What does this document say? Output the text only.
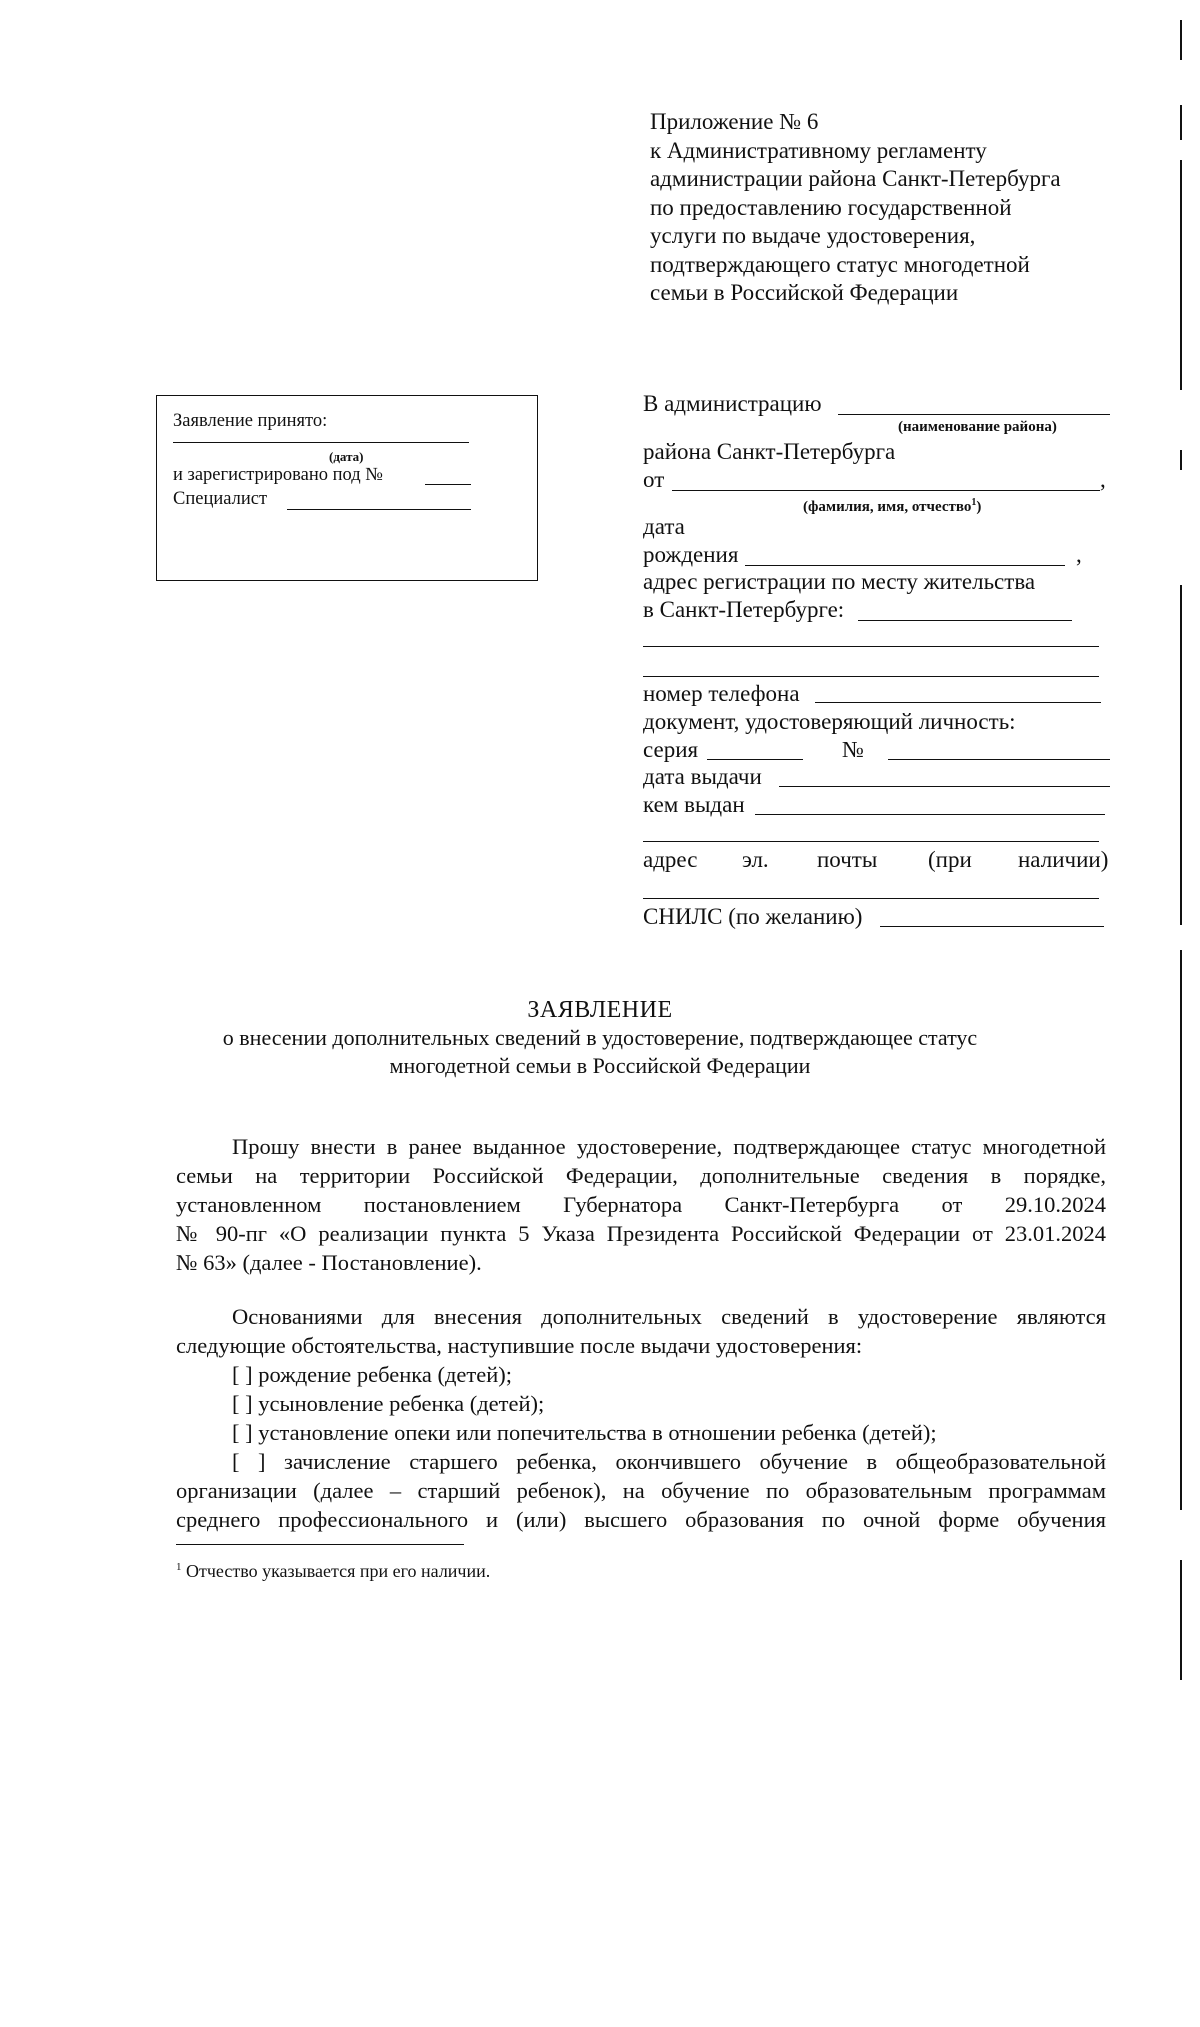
Приложение № 6
к Административному регламенту
администрации района Санкт-Петербурга
по предоставлению государственной
услуги по выдаче удостоверения,
подтверждающего статус многодетной
семьи в Российской Федерации
Заявление принято:
(дата)
и зарегистрировано под №
Специалист
В администрацию
(наименование района)
района Санкт-Петербурга
от	,
(фамилия, имя, отчество$^1$)
дата
рождения	,
адрес регистрации по месту жительства
в Санкт-Петербурге:
номер телефона
документ, удостоверяющий личность:
серия	№
дата выдачи
кем выдан
адрес эл. почты (при наличии)
СНИЛС (по желанию)
ЗАЯВЛЕНИЕ
о внесении дополнительных сведений в удостоверение, подтверждающее статус
многодетной семьи в Российской Федерации
Прошу внести в ранее выданное удостоверение, подтверждающее статус многодетной
семьи на территории Российской Федерации, дополнительные сведения в порядке,
установленном постановлением Губернатора Санкт-Петербурга от 29.10.2024
№ 90-пг «О реализации пункта 5 Указа Президента Российской Федерации от 23.01.2024
№ 63» (далее - Постановление).
Основаниями для внесения дополнительных сведений в удостоверение являются
следующие обстоятельства, наступившие после выдачи удостоверения:
[ ] рождение ребенка (детей);
[ ] усыновление ребенка (детей);
[ ] установление опеки или попечительства в отношении ребенка (детей);
[ ] зачисление старшего ребенка, окончившего обучение в общеобразовательной
организации (далее – старший ребенок), на обучение по образовательным программам
среднего профессионального и (или) высшего образования по очной форме обучения
$^1$ Отчество указывается при его наличии.
